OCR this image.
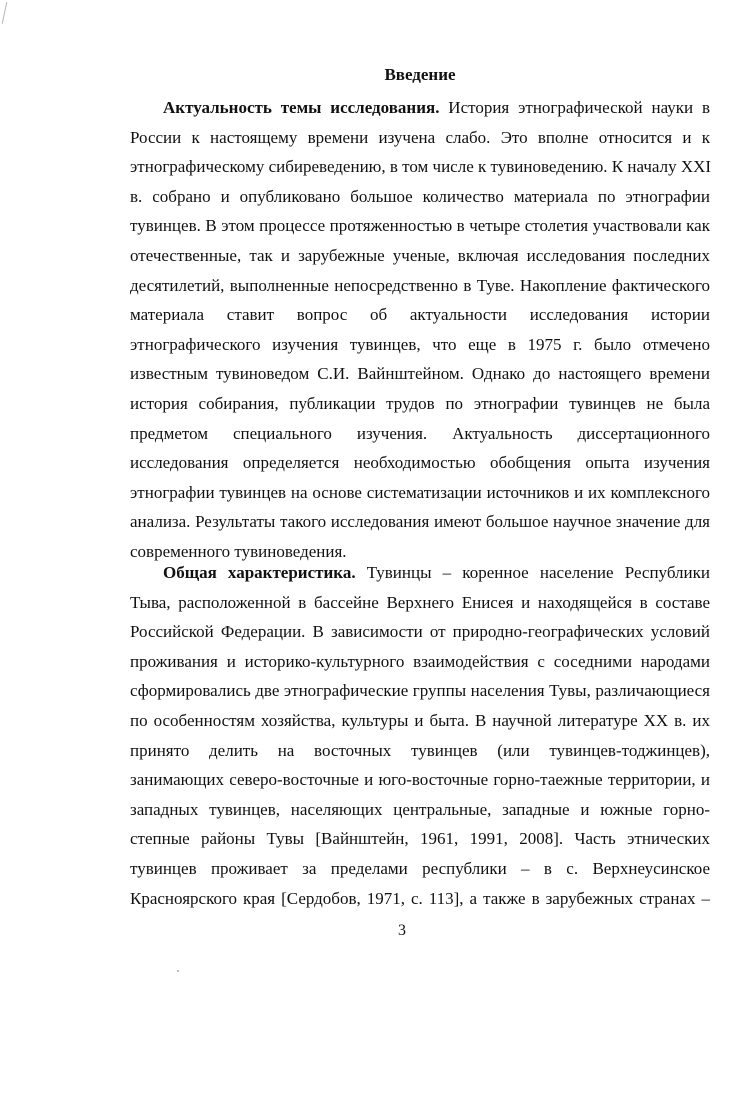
Введение

Актуальность темы исследования. История этнографической науки в
России к настоящему времени изучена слабо. Это вполне относится и к
этнографическому сибиреведению, в том числе к тувиноведению. К началу XXI
в. собрано и опубликовано большое количество материала по этнографии
тувинцев. В этом процессе протяженностью в четыре столетия участвовали как
отечественные, так и зарубежные ученые, включая исследования последних
десятилетий, выполненные непосредственно в Туве. Накопление фактического
материала ставит вопрос об актуальности исследования истории
этнографического изучения тувинцев, что еще в 1975 г. было отмечено
известным тувиноведом С.И. Вайнштейном. Однако до настоящего времени
история собирания, публикации трудов по этнографии тувинцев не была
предметом специального изучения. Актуальность диссертационного
исследования определяется необходимостью обобщения опыта изучения
этнографии тувинцев на основе систематизации источников и их комплексного
анализа. Результаты такого исследования имеют большое научное значение для
современного тувиноведения.

Общая характеристика. Тувинцы – коренное население Республики
Тыва, расположенной в бассейне Верхнего Енисея и находящейся в составе
Российской Федерации. В зависимости от природно-географических условий
проживания и историко-культурного взаимодействия с соседними народами
сформировались две этнографические группы населения Тувы, различающиеся
по особенностям хозяйства, культуры и быта. В научной литературе XX в. их
принято делить на восточных тувинцев (или тувинцев-тоджинцев),
занимающих северо-восточные и юго-восточные горно-таежные территории, и
западных тувинцев, населяющих центральные, западные и южные горно-
степные районы Тувы [Вайнштейн, 1961, 1991, 2008]. Часть этнических
тувинцев проживает за пределами республики – в с. Верхнеусинское
Красноярского края [Сердобов, 1971, с. 113], а также в зарубежных странах –

3
